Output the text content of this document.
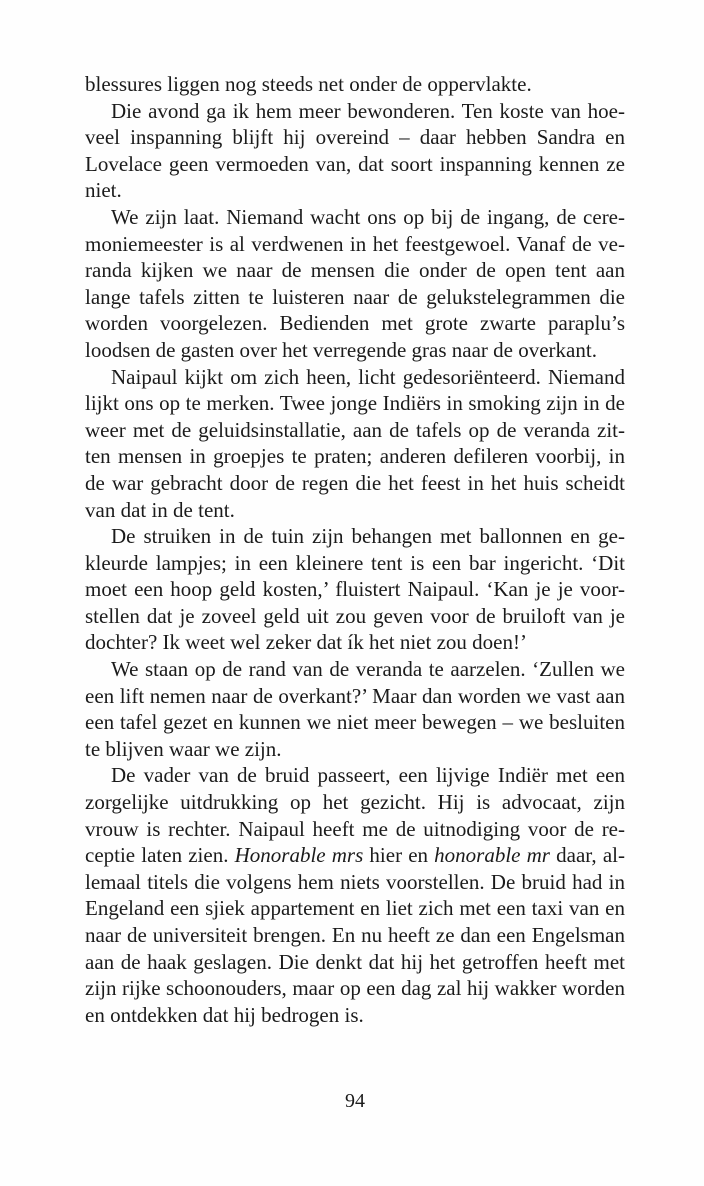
blessures liggen nog steeds net onder de oppervlakte.
Die avond ga ik hem meer bewonderen. Ten koste van hoe-
veel inspanning blijft hij overeind – daar hebben Sandra en
Lovelace geen vermoeden van, dat soort inspanning kennen ze
niet.
We zijn laat. Niemand wacht ons op bij de ingang, de cere-
moniemeester is al verdwenen in het feestgewoel. Vanaf de ve-
randa kijken we naar de mensen die onder de open tent aan
lange tafels zitten te luisteren naar de gelukstelegrammen die
worden voorgelezen. Bedienden met grote zwarte paraplu’s
loodsen de gasten over het verregende gras naar de overkant.
Naipaul kijkt om zich heen, licht gedesoriënteerd. Niemand
lijkt ons op te merken. Twee jonge Indiërs in smoking zijn in de
weer met de geluidsinstallatie, aan de tafels op de veranda zit-
ten mensen in groepjes te praten; anderen defileren voorbij, in
de war gebracht door de regen die het feest in het huis scheidt
van dat in de tent.
De struiken in de tuin zijn behangen met ballonnen en ge-
kleurde lampjes; in een kleinere tent is een bar ingericht. ‘Dit
moet een hoop geld kosten,’ fluistert Naipaul. ‘Kan je je voor-
stellen dat je zoveel geld uit zou geven voor de bruiloft van je
dochter? Ik weet wel zeker dat ík het niet zou doen!’
We staan op de rand van de veranda te aarzelen. ‘Zullen we
een lift nemen naar de overkant?’ Maar dan worden we vast aan
een tafel gezet en kunnen we niet meer bewegen – we besluiten
te blijven waar we zijn.
De vader van de bruid passeert, een lijvige Indiër met een
zorgelijke uitdrukking op het gezicht. Hij is advocaat, zijn
vrouw is rechter. Naipaul heeft me de uitnodiging voor de re-
ceptie laten zien. Honorable mrs hier en honorable mr daar, al-
lemaal titels die volgens hem niets voorstellen. De bruid had in
Engeland een sjiek appartement en liet zich met een taxi van en
naar de universiteit brengen. En nu heeft ze dan een Engelsman
aan de haak geslagen. Die denkt dat hij het getroffen heeft met
zijn rijke schoonouders, maar op een dag zal hij wakker worden
en ontdekken dat hij bedrogen is.
94
